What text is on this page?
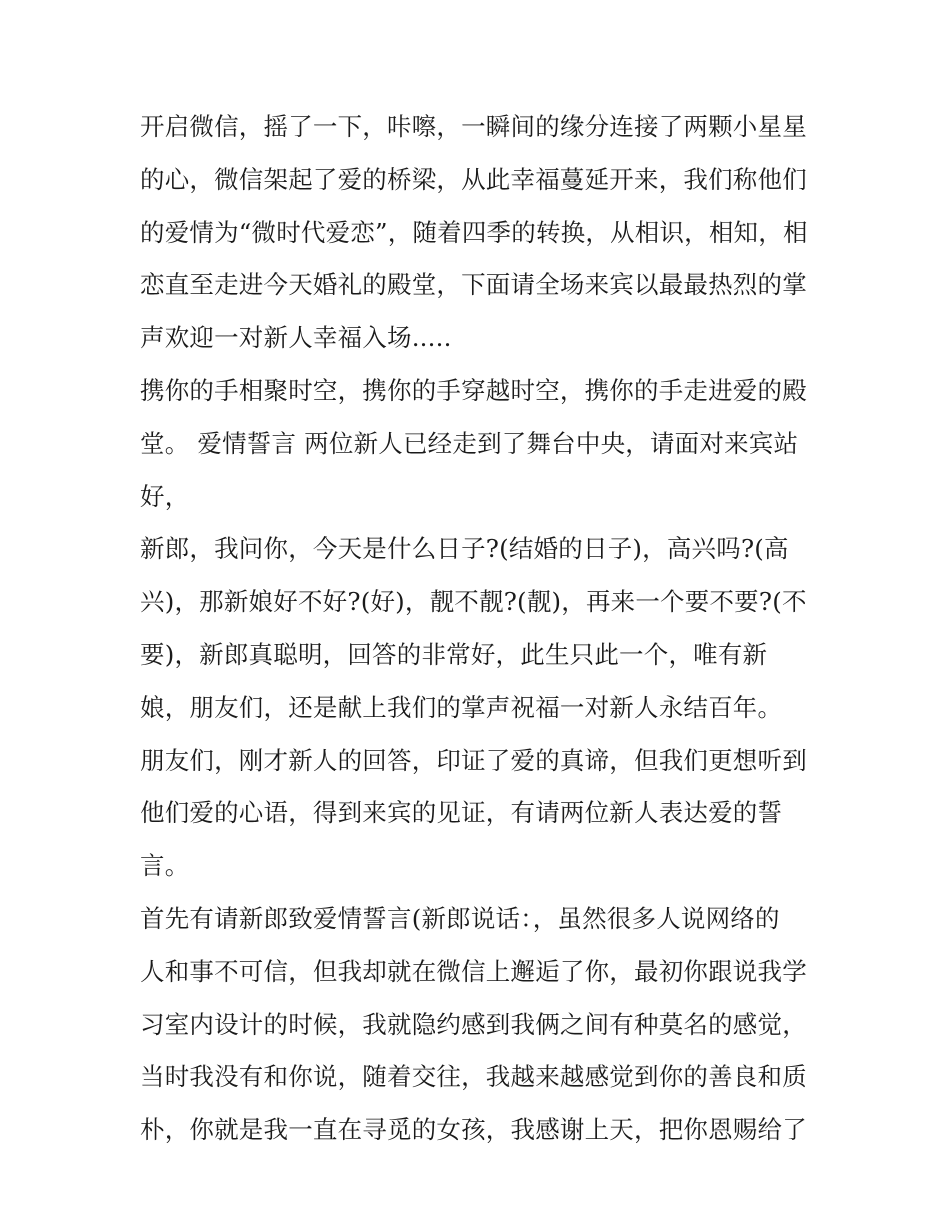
开启微信，摇了一下，咔嚓，一瞬间的缘分连接了两颗小星星
的心，微信架起了爱的桥梁，从此幸福蔓延开来，我们称他们
的爱情为“微时代爱恋”，随着四季的转换，从相识，相知，相
恋直至走进今天婚礼的殿堂，下面请全场来宾以最最热烈的掌
声欢迎一对新人幸福入场.....
携你的手相聚时空，携你的手穿越时空，携你的手走进爱的殿
堂。 爱情誓言 两位新人已经走到了舞台中央，请面对来宾站
好，
新郎，我问你，今天是什么日子?(结婚的日子)，高兴吗?(高
兴)，那新娘好不好?(好)，靓不靓?(靓)，再来一个要不要?(不
要)，新郎真聪明，回答的非常好，此生只此一个，唯有新
娘，朋友们，还是献上我们的掌声祝福一对新人永结百年。
朋友们，刚才新人的回答，印证了爱的真谛，但我们更想听到
他们爱的心语，得到来宾的见证，有请两位新人表达爱的誓
言。
首先有请新郎致爱情誓言(新郎说话：，虽然很多人说网络的
人和事不可信，但我却就在微信上邂逅了你，最初你跟说我学
习室内设计的时候，我就隐约感到我俩之间有种莫名的感觉，
当时我没有和你说，随着交往，我越来越感觉到你的善良和质
朴，你就是我一直在寻觅的女孩，我感谢上天，把你恩赐给了
